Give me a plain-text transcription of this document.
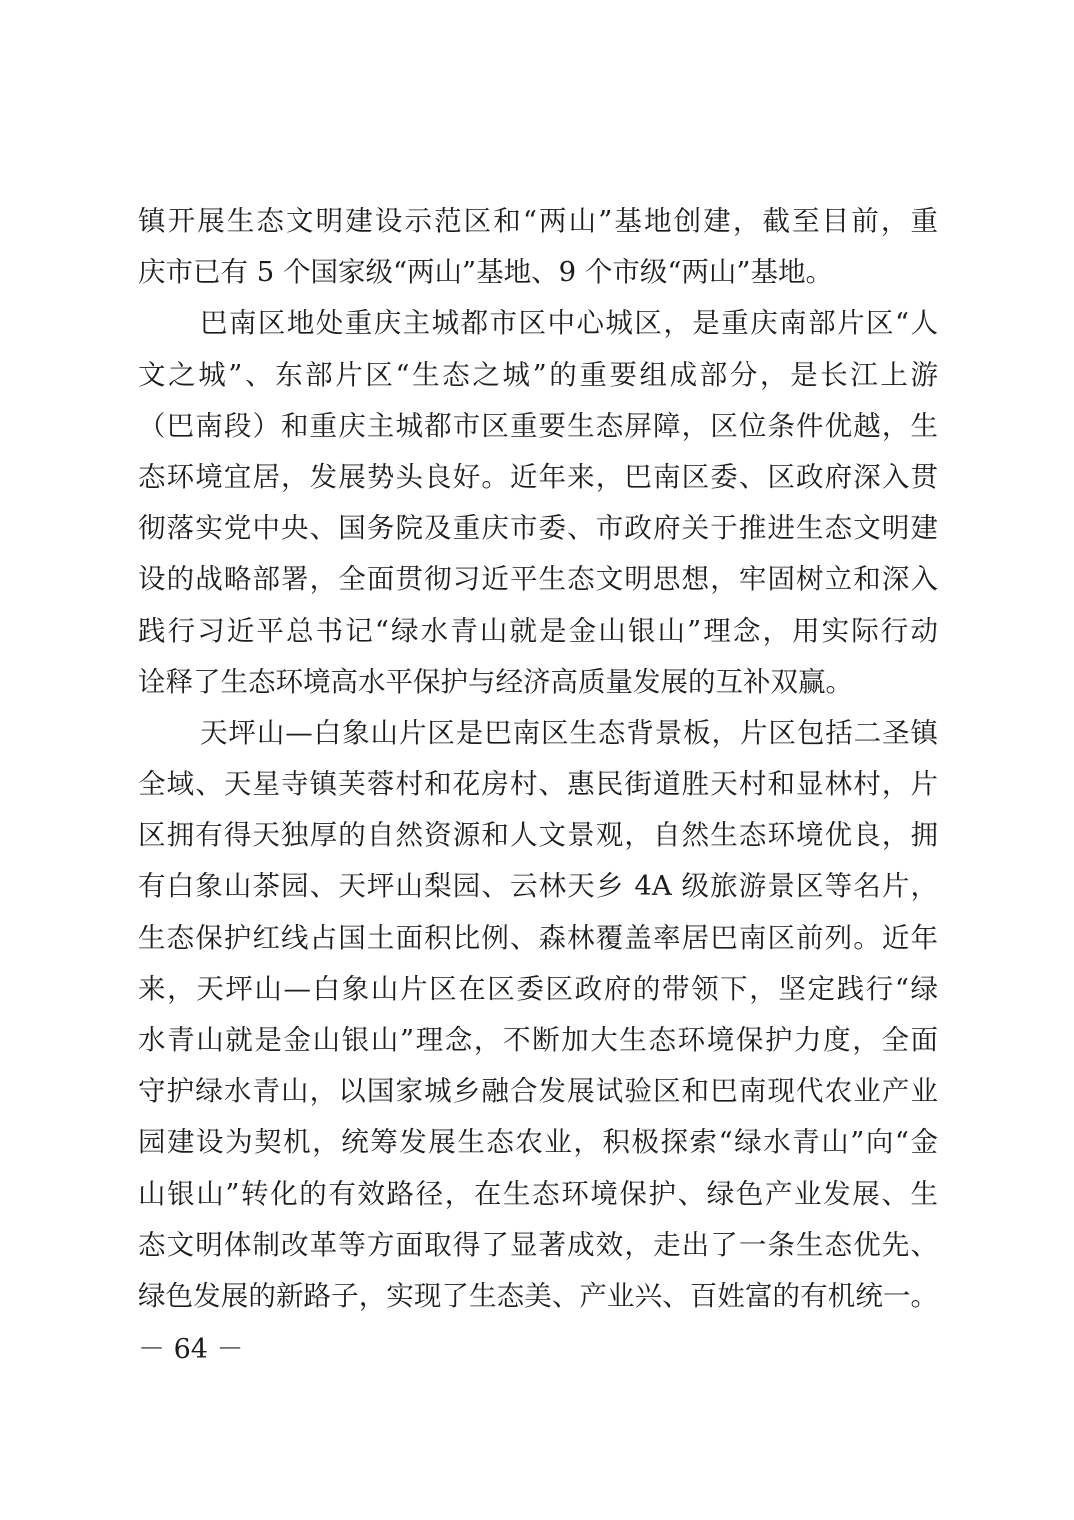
镇开展生态文明建设示范区和“两山”基地创建，截至目前，重
庆市已有 5 个国家级“两山”基地、9 个市级“两山”基地。
巴南区地处重庆主城都市区中心城区，是重庆南部片区“人
文之城”、东部片区“生态之城”的重要组成部分，是长江上游
（巴南段）和重庆主城都市区重要生态屏障，区位条件优越，生
态环境宜居，发展势头良好。近年来，巴南区委、区政府深入贯
彻落实党中央、国务院及重庆市委、市政府关于推进生态文明建
设的战略部署，全面贯彻习近平生态文明思想，牢固树立和深入
践行习近平总书记“绿水青山就是金山银山”理念，用实际行动
诠释了生态环境高水平保护与经济高质量发展的互补双赢。
天坪山—白象山片区是巴南区生态背景板，片区包括二圣镇
全域、天星寺镇芙蓉村和花房村、惠民街道胜天村和显林村，片
区拥有得天独厚的自然资源和人文景观，自然生态环境优良，拥
有白象山茶园、天坪山梨园、云林天乡 4A 级旅游景区等名片，
生态保护红线占国土面积比例、森林覆盖率居巴南区前列。近年
来，天坪山—白象山片区在区委区政府的带领下，坚定践行“绿
水青山就是金山银山”理念，不断加大生态环境保护力度，全面
守护绿水青山，以国家城乡融合发展试验区和巴南现代农业产业
园建设为契机，统筹发展生态农业，积极探索“绿水青山”向“金
山银山”转化的有效路径，在生态环境保护、绿色产业发展、生
态文明体制改革等方面取得了显著成效，走出了一条生态优先、
绿色发展的新路子，实现了生态美、产业兴、百姓富的有机统一。
－ 64 －
